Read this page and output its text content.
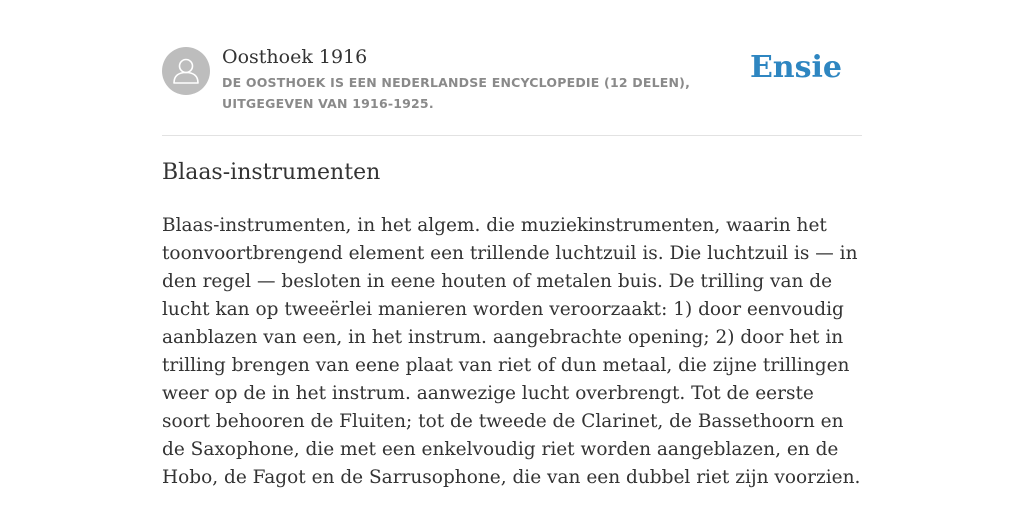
Oosthoek 1916
DE OOSTHOEK IS EEN NEDERLANDSE ENCYCLOPEDIE (12 DELEN), UITGEGEVEN VAN 1916-1925.
Ensie
Blaas-instrumenten

Blaas-instrumenten, in het algem. die muziekinstrumenten, waarin het toonvoortbrengend element een trillende luchtzuil is. Die luchtzuil is — in den regel — besloten in eene houten of metalen buis. De trilling van de lucht kan op tweeërlei manieren worden veroorzaakt: 1) door eenvoudig aanblazen van een, in het instrum. aangebrachte opening; 2) door het in trilling brengen van eene plaat van riet of dun metaal, die zijne trillingen weer op de in het instrum. aanwezige lucht overbrengt. Tot de eerste soort behooren de Fluiten; tot de tweede de Clarinet, de Bassethoorn en de Saxophone, die met een enkelvoudig riet worden aangeblazen, en de Hobo, de Fagot en de Sarrusophone, die van een dubbel riet zijn voorzien.
